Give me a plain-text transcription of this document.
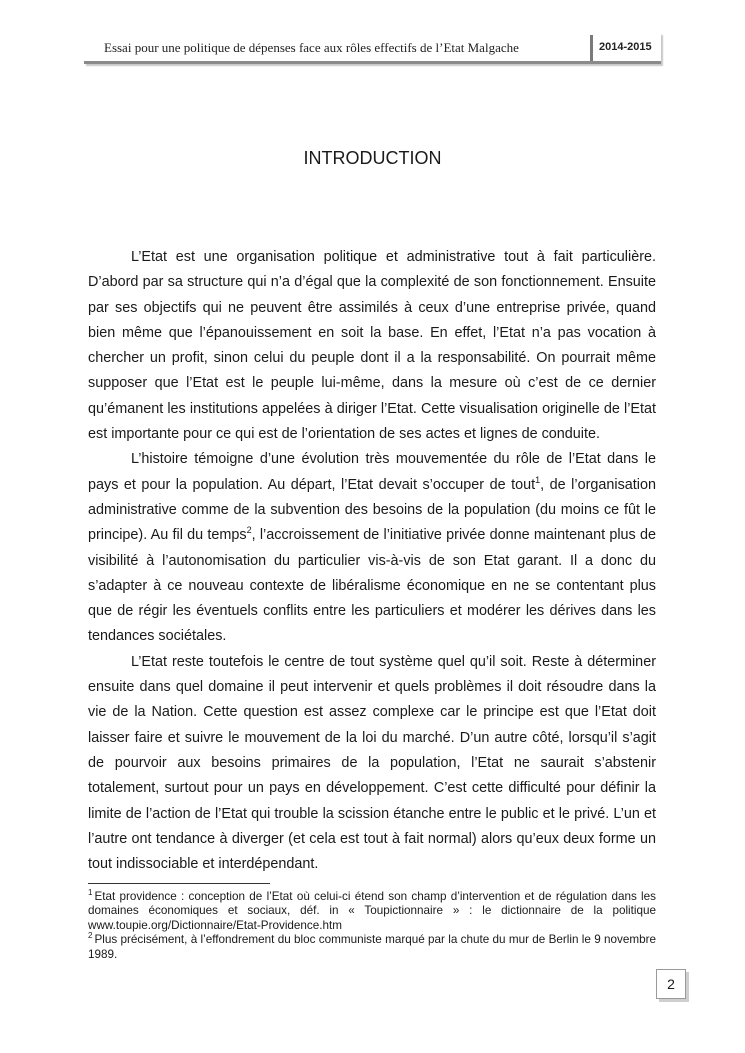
Essai pour une politique de dépenses face aux rôles effectifs de l’Etat Malgache	2014-2015
INTRODUCTION

L’Etat est une organisation politique et administrative tout à fait particulière. D’abord par sa structure qui n’a d’égal que la complexité de son fonctionnement. Ensuite par ses objectifs qui ne peuvent être assimilés à ceux d’une entreprise privée, quand bien même que l’épanouissement en soit la base. En effet, l’Etat n’a pas vocation à chercher un profit, sinon celui du peuple dont il a la responsabilité. On pourrait même supposer que l’Etat est le peuple lui-même, dans la mesure où c’est de ce dernier qu’émanent les institutions appelées à diriger l’Etat. Cette visualisation originelle de l’Etat est importante pour ce qui est de l’orientation de ses actes et lignes de conduite.

L’histoire témoigne d’une évolution très mouvementée du rôle de l’Etat dans le pays et pour la population. Au départ, l’Etat devait s’occuper de tout$^1$, de l’organisation administrative comme de la subvention des besoins de la population (du moins ce fût le principe). Au fil du temps$^2$, l’accroissement de l’initiative privée donne maintenant plus de visibilité à l’autonomisation du particulier vis-à-vis de son Etat garant. Il a donc du s’adapter à ce nouveau contexte de libéralisme économique en ne se contentant plus que de régir les éventuels conflits entre les particuliers et modérer les dérives dans les tendances sociétales.

L’Etat reste toutefois le centre de tout système quel qu’il soit. Reste à déterminer ensuite dans quel domaine il peut intervenir et quels problèmes il doit résoudre dans la vie de la Nation. Cette question est assez complexe car le principe est que l’Etat doit laisser faire et suivre le mouvement de la loi du marché. D’un autre côté, lorsqu’il s’agit de pourvoir aux besoins primaires de la population, l’Etat ne saurait s’abstenir totalement, surtout pour un pays en développement. C’est cette difficulté pour définir la limite de l’action de l’Etat qui trouble la scission étanche entre le public et le privé. L’un et l’autre ont tendance à diverger (et cela est tout à fait normal) alors qu’eux deux forme un tout indissociable et interdépendant.

$^1$ Etat providence : conception de l’Etat où celui-ci étend son champ d’intervention et de régulation dans les domaines économiques et sociaux, déf. in « Toupictionnaire » : le dictionnaire de la politique www.toupie.org/Dictionnaire/Etat-Providence.htm

$^2$ Plus précisément, à l’effondrement du bloc communiste marqué par la chute du mur de Berlin le 9 novembre 1989.

2
